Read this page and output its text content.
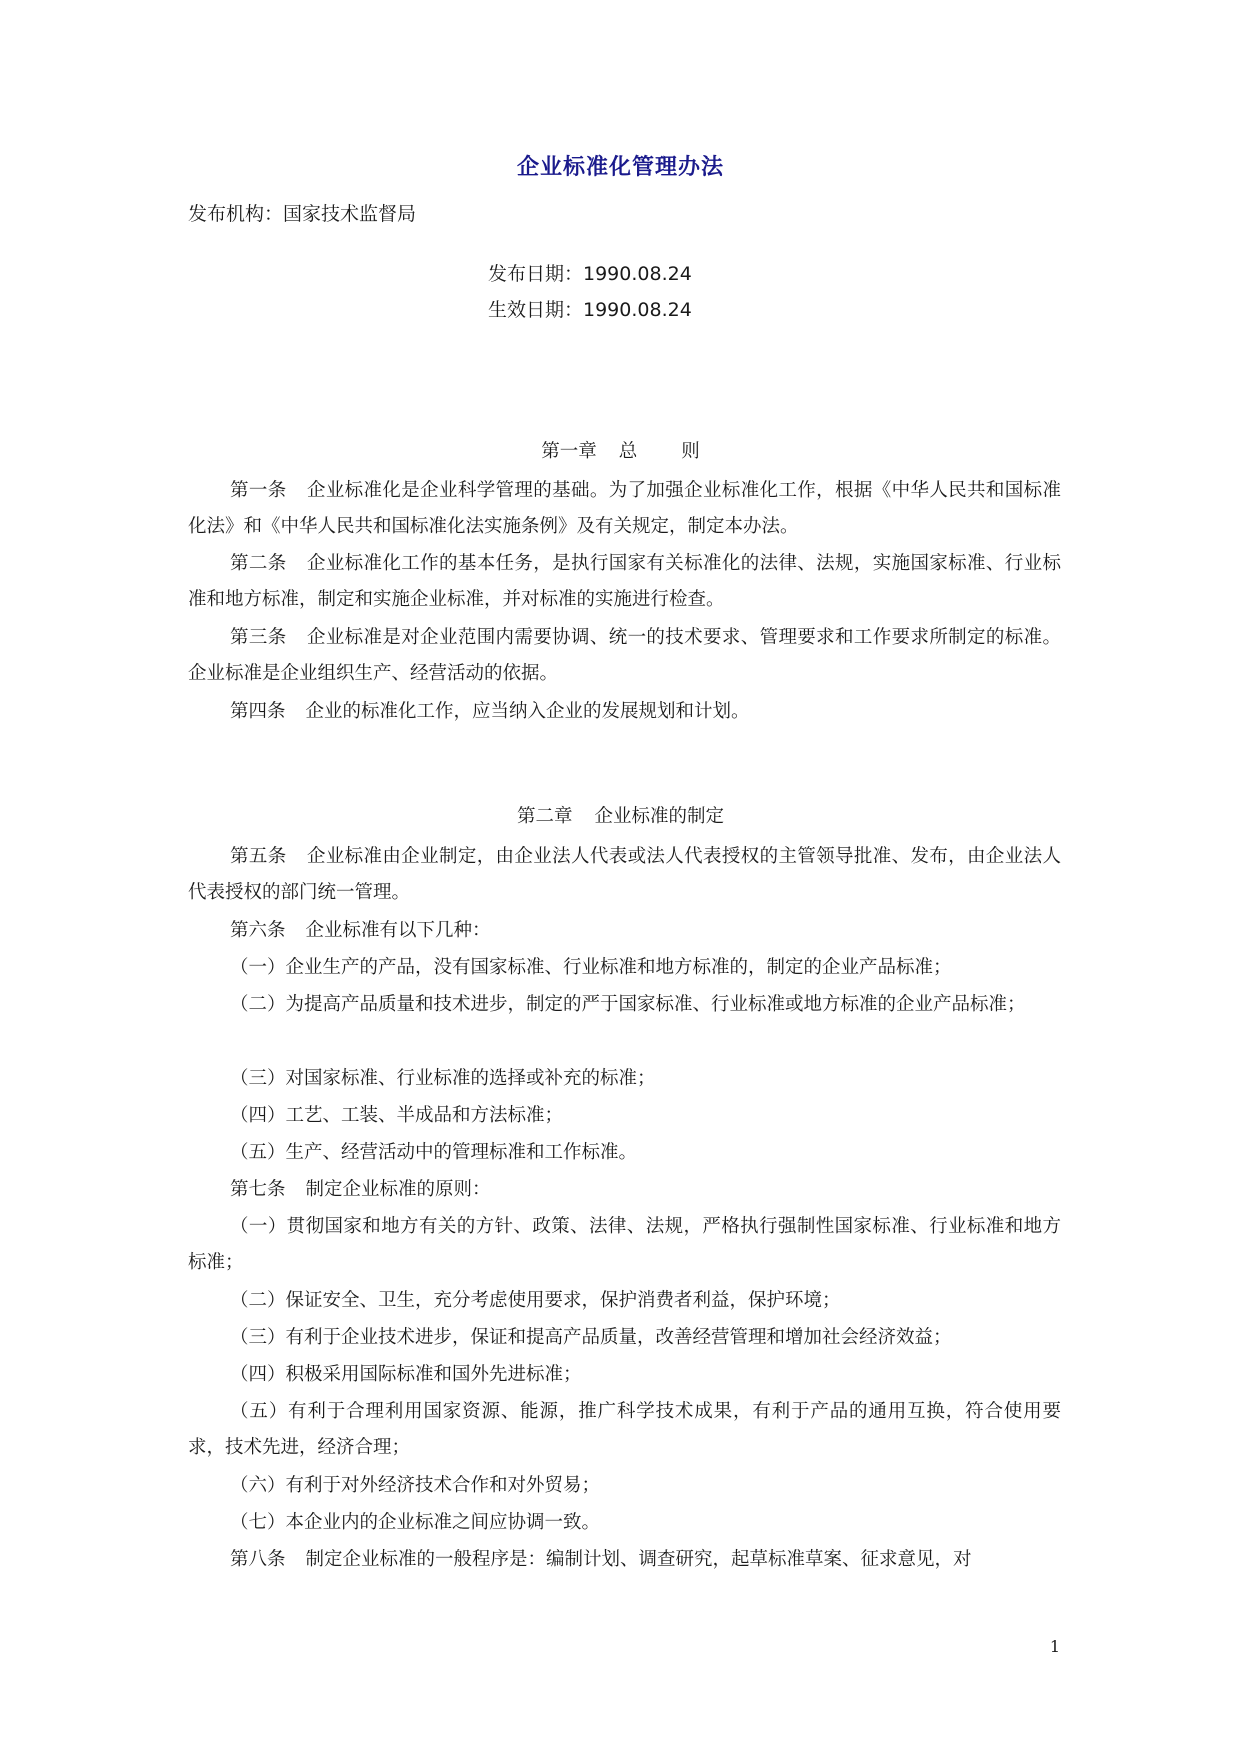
企业标准化管理办法
发布机构：国家技术监督局
发布日期：1990.08.24
生效日期：1990.08.24
第一章 总 则

第一条 企业标准化是企业科学管理的基础。为了加强企业标准化工作，根据《中华人民共和国标准化法》和《中华人民共和国标准化法实施条例》及有关规定，制定本办法。

第二条 企业标准化工作的基本任务，是执行国家有关标准化的法律、法规，实施国家标准、行业标准和地方标准，制定和实施企业标准，并对标准的实施进行检查。

第三条 企业标准是对企业范围内需要协调、统一的技术要求、管理要求和工作要求所制定的标准。企业标准是企业组织生产、经营活动的依据。

第四条 企业的标准化工作，应当纳入企业的发展规划和计划。

第二章 企业标准的制定

第五条 企业标准由企业制定，由企业法人代表或法人代表授权的主管领导批准、发布，由企业法人代表授权的部门统一管理。

第六条 企业标准有以下几种：

（一）企业生产的产品，没有国家标准、行业标准和地方标准的，制定的企业产品标准；

（二）为提高产品质量和技术进步，制定的严于国家标准、行业标准或地方标准的企业产品标准；

（三）对国家标准、行业标准的选择或补充的标准；

（四）工艺、工装、半成品和方法标准；

（五）生产、经营活动中的管理标准和工作标准。

第七条 制定企业标准的原则：

（一）贯彻国家和地方有关的方针、政策、法律、法规，严格执行强制性国家标准、行业标准和地方标准；

（二）保证安全、卫生，充分考虑使用要求，保护消费者利益，保护环境；

（三）有利于企业技术进步，保证和提高产品质量，改善经营管理和增加社会经济效益；

（四）积极采用国际标准和国外先进标准；

（五）有利于合理利用国家资源、能源，推广科学技术成果，有利于产品的通用互换，符合使用要求，技术先进，经济合理；

（六）有利于对外经济技术合作和对外贸易；

（七）本企业内的企业标准之间应协调一致。

第八条 制定企业标准的一般程序是：编制计划、调查研究，起草标准草案、征求意见，对

1
